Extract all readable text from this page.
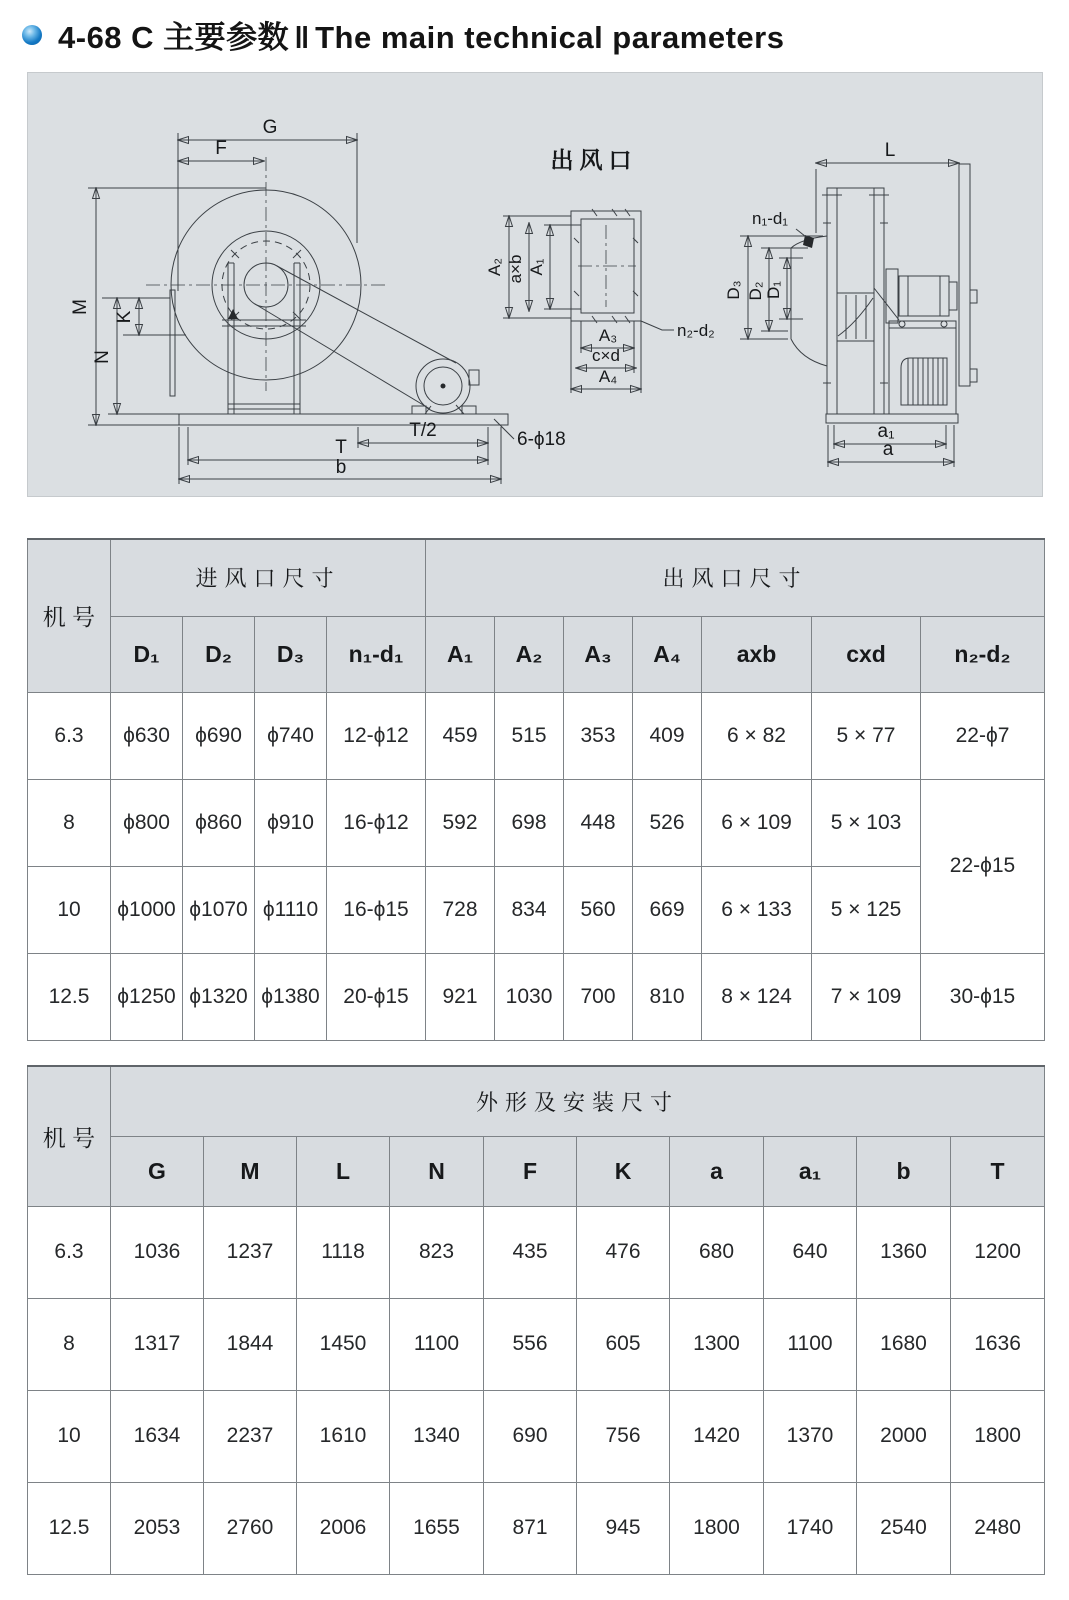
4-68 C 主要参数 ‖ The main technical parameters
G
F
M
N
K
T/2
T
b
6-ϕ18
出风口
A₂ a×b A₁
A₃
c×d
A₄
n₂-d₂
L
n₁-d₁
D₃ D₂ D₁
a₁
a
机 号	进风口尺寸				出风口尺寸						
	D₁	D₂	D₃	n₁-d₁	A₁	A₂	A₃	A₄	axb	cxd	n₂-d₂
6.3	ϕ630	ϕ690	ϕ740	12-ϕ12	459	515	353	409	6 × 82	5 × 77	22-ϕ7
8	ϕ800	ϕ860	ϕ910	16-ϕ12	592	698	448	526	6 × 109	5 × 103	22-ϕ15
10	ϕ1000	ϕ1070	ϕ1110	16-ϕ15	728	834	560	669	6 × 133	5 × 125	
12.5	ϕ1250	ϕ1320	ϕ1380	20-ϕ15	921	1030	700	810	8 × 124	7 × 109	30-ϕ15
机 号	外形及安装尺寸									
	G	M	L	N	F	K	a	a₁	b	T
6.3	1036	1237	1118	823	435	476	680	640	1360	1200
8	1317	1844	1450	1100	556	605	1300	1100	1680	1636
10	1634	2237	1610	1340	690	756	1420	1370	2000	1800
12.5	2053	2760	2006	1655	871	945	1800	1740	2540	2480
